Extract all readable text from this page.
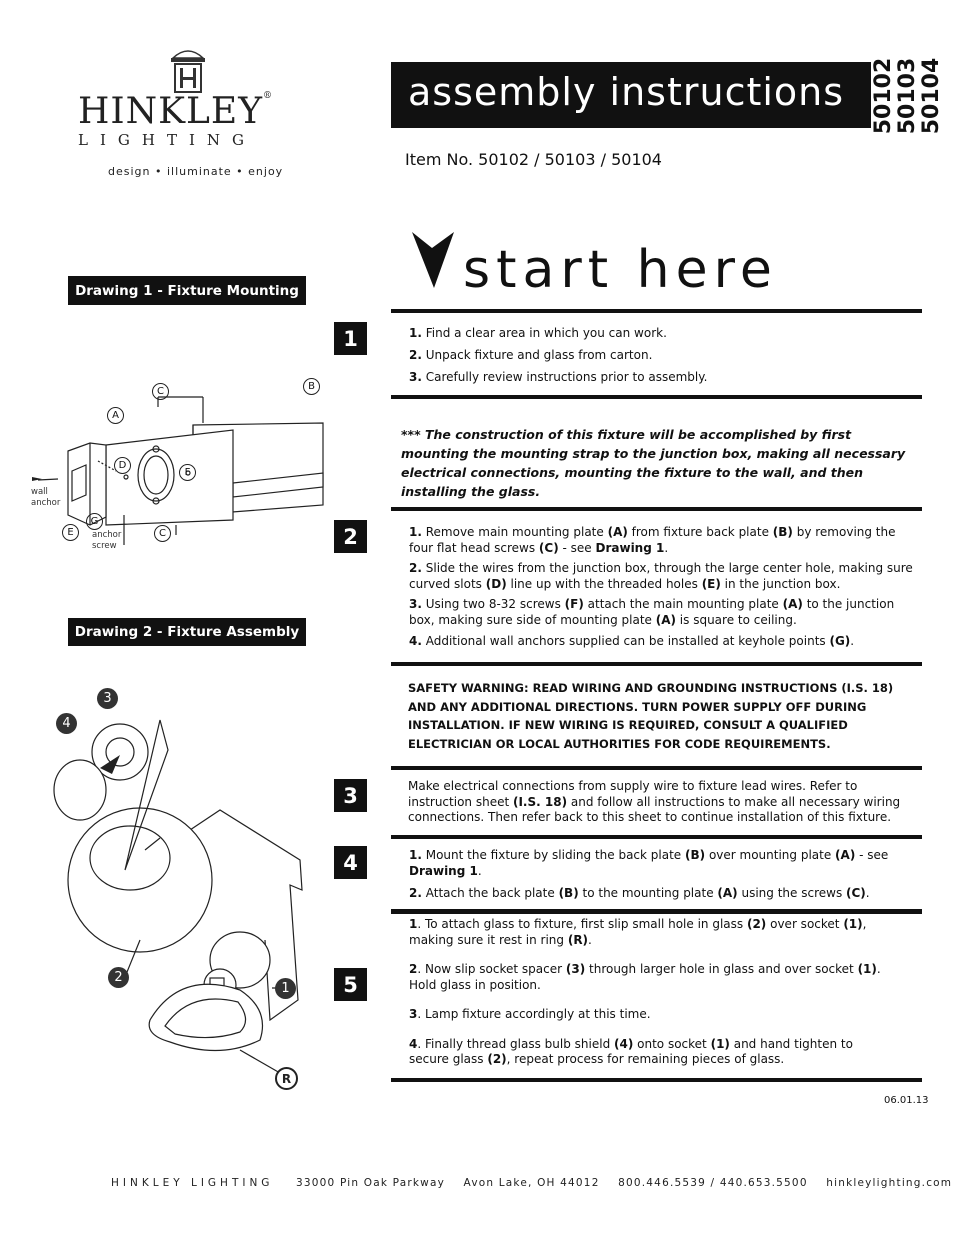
HINKLEY®
LIGHTING
design • illuminate • enjoy
assembly instructions 50102 50103 50104
Item No. 50102 / 50103 / 50104
start here
Drawing 1 - Fixture Mounting
C	B
A
D
F
G
E	C
wall
anchor
anchor
screw
Drawing 2 - Fixture Assembly
3
4
2
1
R
1
2
3
4
5
1. Find a clear area in which you can work.
2. Unpack fixture and glass from carton.
3. Carefully review instructions prior to assembly.
*** The construction of this fixture will be accomplished by first mounting the mounting strap to the junction box, making all necessary electrical connections, mounting the fixture to the wall, and then installing the glass.
1. Remove main mounting plate (A) from fixture back plate (B) by removing the four flat head screws (C) - see Drawing 1.
2. Slide the wires from the junction box, through the large center hole, making sure curved slots (D) line up with the threaded holes (E) in the junction box.
3. Using two 8-32 screws (F) attach the main mounting plate (A) to the junction box, making sure side of mounting plate (A) is square to ceiling.
4. Additional wall anchors supplied can be installed at keyhole points (G).
SAFETY WARNING: READ WIRING AND GROUNDING INSTRUCTIONS (I.S. 18) AND ANY ADDITIONAL DIRECTIONS. TURN POWER SUPPLY OFF DURING INSTALLATION. IF NEW WIRING IS REQUIRED, CONSULT A QUALIFIED ELECTRICIAN OR LOCAL AUTHORITIES FOR CODE REQUIREMENTS.
Make electrical connections from supply wire to fixture lead wires. Refer to instruction sheet (I.S. 18) and follow all instructions to make all necessary wiring connections. Then refer back to this sheet to continue installation of this fixture.
1. Mount the fixture by sliding the back plate (B) over mounting plate (A) - see Drawing 1.
2. Attach the back plate (B) to the mounting plate (A) using the screws (C).
1. To attach glass to fixture, first slip small hole in glass (2) over socket (1), making sure it rest in ring (R).
2. Now slip socket spacer (3) through larger hole in glass and over socket (1). Hold glass in position.
3. Lamp fixture accordingly at this time.
4. Finally thread glass bulb shield (4) onto socket (1) and hand tighten to secure glass (2), repeat process for remaining pieces of glass.
06.01.13
HINKLEY LIGHTING 33000 Pin Oak Parkway Avon Lake, OH 44012 800.446.5539 / 440.653.5500 hinkleylighting.com
